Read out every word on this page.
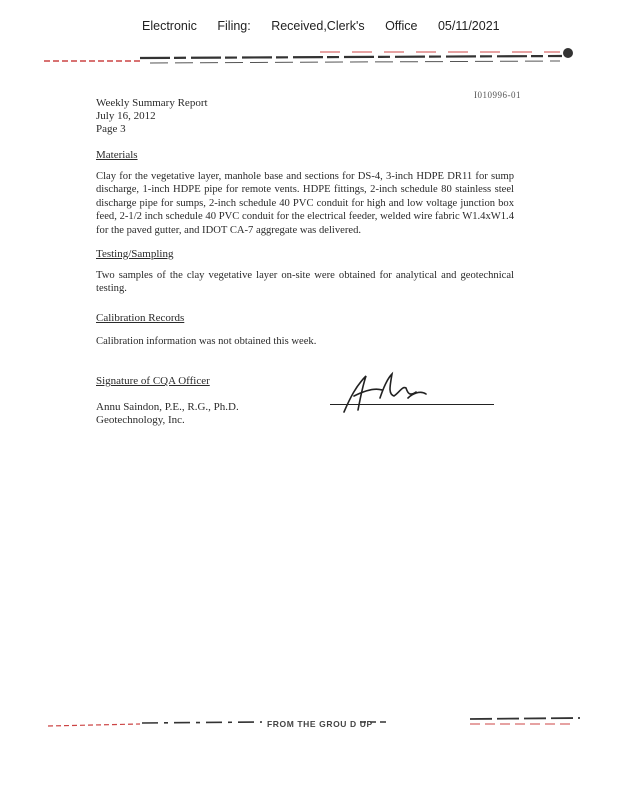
Electronic Filing: Received,Clerk's Office 05/11/2021
I010996-01
Weekly Summary Report
July 16, 2012
Page 3
Materials
Clay for the vegetative layer, manhole base and sections for DS-4, 3-inch HDPE DR11 for sump discharge, 1-inch HDPE pipe for remote vents. HDPE fittings, 2-inch schedule 80 stainless steel discharge pipe for sumps, 2-inch schedule 40 PVC conduit for high and low voltage junction box feed, 2-1/2 inch schedule 40 PVC conduit for the electrical feeder, welded wire fabric W1.4xW1.4 for the paved gutter, and IDOT CA-7 aggregate was delivered.
Testing/Sampling
Two samples of the clay vegetative layer on-site were obtained for analytical and geotechnical testing.
Calibration Records
Calibration information was not obtained this week.
Signature of CQA Officer
Annu Saindon, P.E., R.G., Ph.D.
Geotechnology, Inc.
FROM THE GROU D UP
